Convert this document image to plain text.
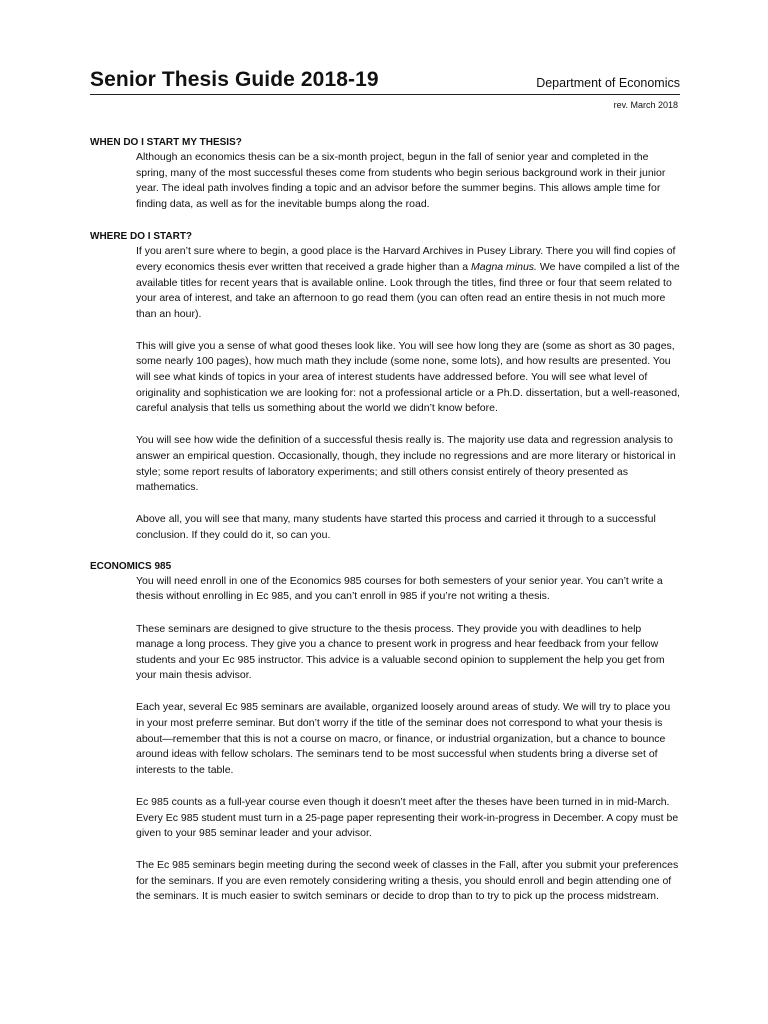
Senior Thesis Guide 2018-19	Department of Economics
rev. March 2018
WHEN DO I START MY THESIS?

Although an economics thesis can be a six-month project, begun in the fall of senior year and completed in the spring, many of the most successful theses come from students who begin serious background work in their junior year. The ideal path involves finding a topic and an advisor before the summer begins. This allows ample time for finding data, as well as for the inevitable bumps along the road.

WHERE DO I START?

If you aren’t sure where to begin, a good place is the Harvard Archives in Pusey Library. There you will find copies of every economics thesis ever written that received a grade higher than a Magna minus. We have compiled a list of the available titles for recent years that is available online. Look through the titles, find three or four that seem related to your area of interest, and take an afternoon to go read them (you can often read an entire thesis in not much more than an hour).

This will give you a sense of what good theses look like. You will see how long they are (some as short as 30 pages, some nearly 100 pages), how much math they include (some none, some lots), and how results are presented. You will see what kinds of topics in your area of interest students have addressed before. You will see what level of originality and sophistication we are looking for: not a professional article or a Ph.D. dissertation, but a well-reasoned, careful analysis that tells us something about the world we didn’t know before.

You will see how wide the definition of a successful thesis really is. The majority use data and regression analysis to answer an empirical question. Occasionally, though, they include no regressions and are more literary or historical in style; some report results of laboratory experiments; and still others consist entirely of theory presented as mathematics.

Above all, you will see that many, many students have started this process and carried it through to a successful conclusion. If they could do it, so can you.

ECONOMICS 985

You will need enroll in one of the Economics 985 courses for both semesters of your senior year. You can’t write a thesis without enrolling in Ec 985, and you can’t enroll in 985 if you’re not writing a thesis.

These seminars are designed to give structure to the thesis process. They provide you with deadlines to help manage a long process. They give you a chance to present work in progress and hear feedback from your fellow students and your Ec 985 instructor. This advice is a valuable second opinion to supplement the help you get from your main thesis advisor.

Each year, several Ec 985 seminars are available, organized loosely around areas of study. We will try to place you in your most preferre seminar. But don’t worry if the title of the seminar does not correspond to what your thesis is about—remember that this is not a course on macro, or finance, or industrial organization, but a chance to bounce around ideas with fellow scholars. The seminars tend to be most successful when students bring a diverse set of interests to the table.

Ec 985 counts as a full-year course even though it doesn’t meet after the theses have been turned in in mid-March. Every Ec 985 student must turn in a 25-page paper representing their work-in-progress in December. A copy must be given to your 985 seminar leader and your advisor.

The Ec 985 seminars begin meeting during the second week of classes in the Fall, after you submit your preferences for the seminars. If you are even remotely considering writing a thesis, you should enroll and begin attending one of the seminars. It is much easier to switch seminars or decide to drop than to try to pick up the process midstream.
